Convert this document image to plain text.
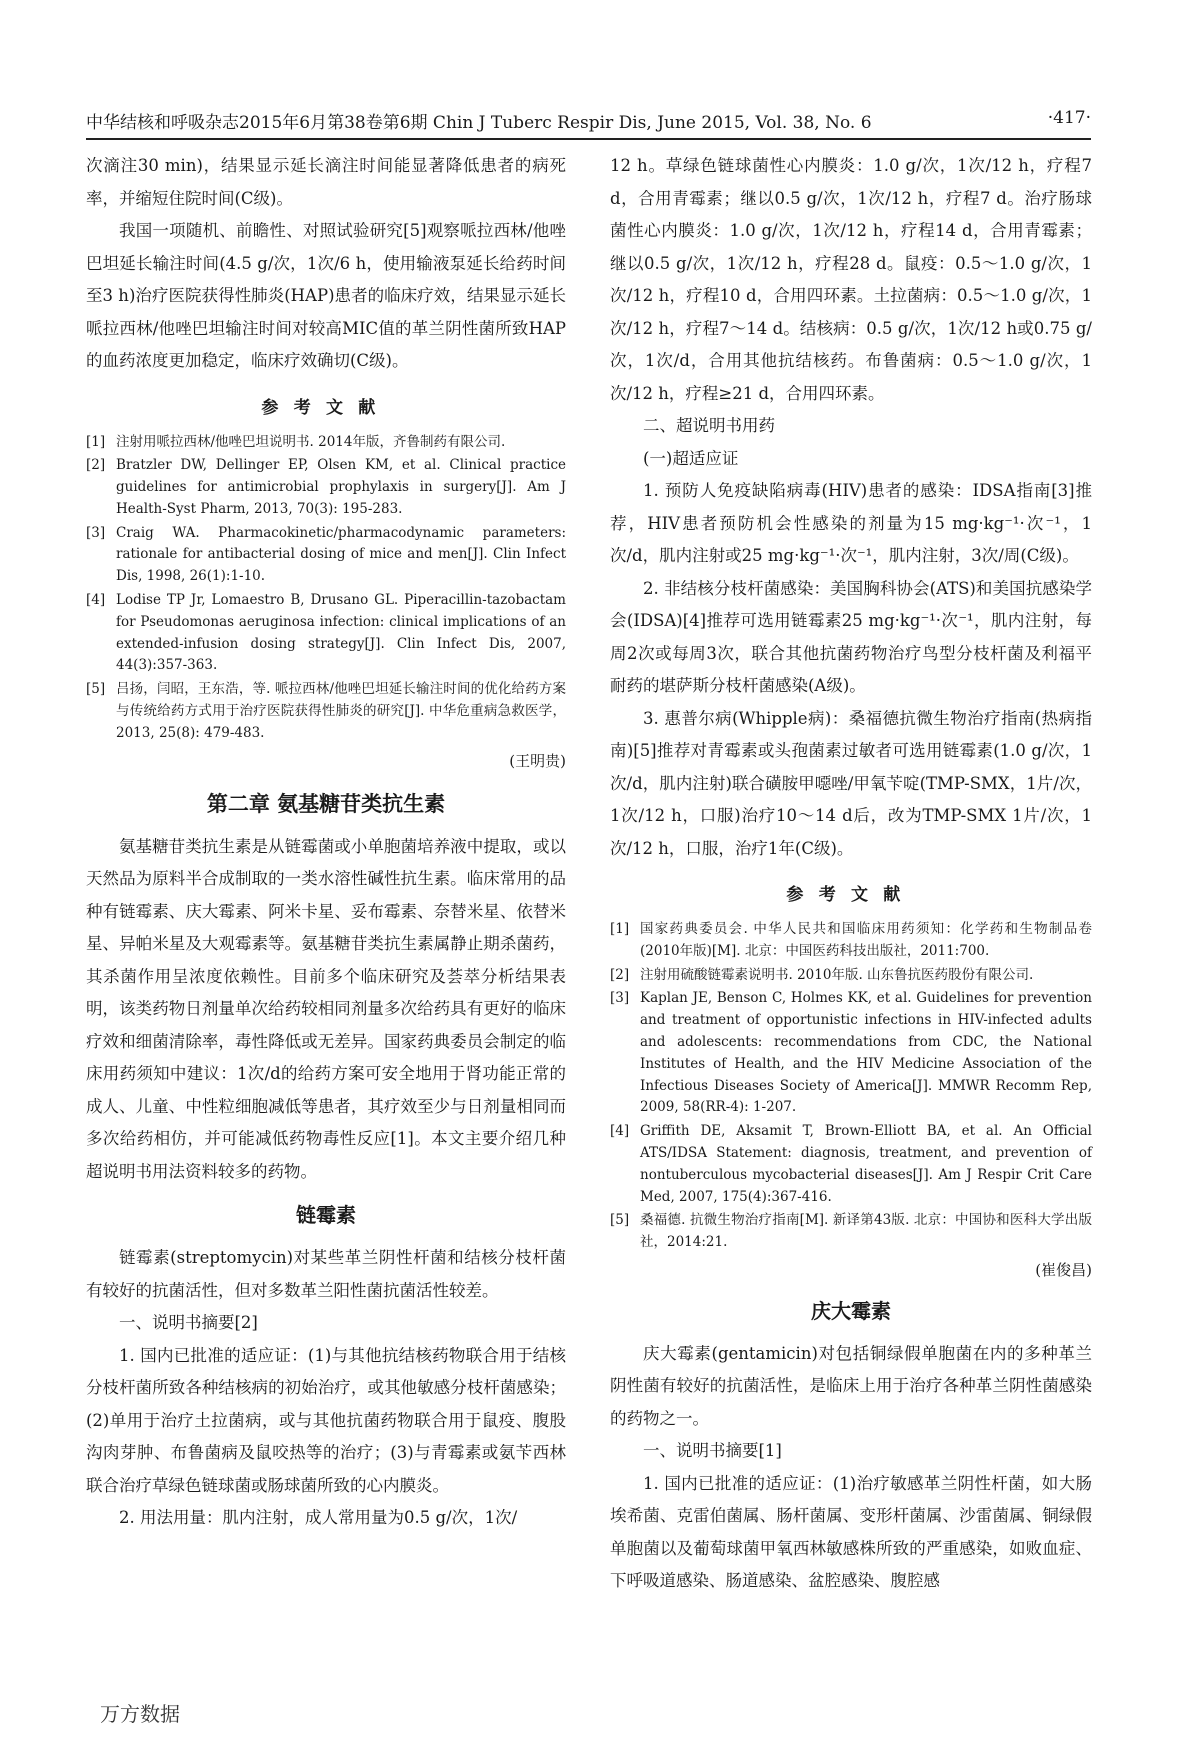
中华结核和呼吸杂志2015年6月第38卷第6期 Chin J Tuberc Respir Dis, June 2015, Vol. 38, No. 6	·417·

次滴注30 min)，结果显示延长滴注时间能显著降低患者的病死率，并缩短住院时间(C级)。

我国一项随机、前瞻性、对照试验研究[5]观察哌拉西林/他唑巴坦延长输注时间(4.5 g/次，1次/6 h，使用输液泵延长给药时间至3 h)治疗医院获得性肺炎(HAP)患者的临床疗效，结果显示延长哌拉西林/他唑巴坦输注时间对较高MIC值的革兰阴性菌所致HAP的血药浓度更加稳定，临床疗效确切(C级)。

参考文献
[1] 注射用哌拉西林/他唑巴坦说明书. 2014年版，齐鲁制药有限公司.
[2] Bratzler DW, Dellinger EP, Olsen KM, et al. Clinical practice guidelines for antimicrobial prophylaxis in surgery[J]. Am J Health-Syst Pharm, 2013, 70(3): 195-283.
[3] Craig WA. Pharmacokinetic/pharmacodynamic parameters: rationale for antibacterial dosing of mice and men[J]. Clin Infect Dis, 1998, 26(1):1-10.
[4] Lodise TP Jr, Lomaestro B, Drusano GL. Piperacillin-tazobactam for Pseudomonas aeruginosa infection: clinical implications of an extended-infusion dosing strategy[J]. Clin Infect Dis, 2007, 44(3):357-363.
[5] 吕扬，闫昭，王东浩，等. 哌拉西林/他唑巴坦延长输注时间的优化给药方案与传统给药方式用于治疗医院获得性肺炎的研究[J]. 中华危重病急救医学，2013, 25(8): 479-483.
(王明贵)
第二章 氨基糖苷类抗生素

氨基糖苷类抗生素是从链霉菌或小单胞菌培养液中提取，或以天然品为原料半合成制取的一类水溶性碱性抗生素。临床常用的品种有链霉素、庆大霉素、阿米卡星、妥布霉素、奈替米星、依替米星、异帕米星及大观霉素等。氨基糖苷类抗生素属静止期杀菌药，其杀菌作用呈浓度依赖性。目前多个临床研究及荟萃分析结果表明，该类药物日剂量单次给药较相同剂量多次给药具有更好的临床疗效和细菌清除率，毒性降低或无差异。国家药典委员会制定的临床用药须知中建议：1次/d的给药方案可安全地用于肾功能正常的成人、儿童、中性粒细胞减低等患者，其疗效至少与日剂量相同而多次给药相仿，并可能减低药物毒性反应[1]。本文主要介绍几种超说明书用法资料较多的药物。

链霉素

链霉素(streptomycin)对某些革兰阴性杆菌和结核分枝杆菌有较好的抗菌活性，但对多数革兰阳性菌抗菌活性较差。

一、说明书摘要[2]

1. 国内已批准的适应证：(1)与其他抗结核药物联合用于结核分枝杆菌所致各种结核病的初始治疗，或其他敏感分枝杆菌感染；(2)单用于治疗土拉菌病，或与其他抗菌药物联合用于鼠疫、腹股沟肉芽肿、布鲁菌病及鼠咬热等的治疗；(3)与青霉素或氨苄西林联合治疗草绿色链球菌或肠球菌所致的心内膜炎。

2. 用法用量：肌内注射，成人常用量为0.5 g/次，1次/

12 h。草绿色链球菌性心内膜炎：1.0 g/次，1次/12 h，疗程7 d，合用青霉素；继以0.5 g/次，1次/12 h，疗程7 d。治疗肠球菌性心内膜炎：1.0 g/次，1次/12 h，疗程14 d，合用青霉素；继以0.5 g/次，1次/12 h，疗程28 d。鼠疫：0.5～1.0 g/次，1次/12 h，疗程10 d，合用四环素。土拉菌病：0.5～1.0 g/次，1次/12 h，疗程7～14 d。结核病：0.5 g/次，1次/12 h或0.75 g/次，1次/d，合用其他抗结核药。布鲁菌病：0.5～1.0 g/次，1次/12 h，疗程≥21 d，合用四环素。

二、超说明书用药

(一)超适应证

1. 预防人免疫缺陷病毒(HIV)患者的感染：IDSA指南[3]推荐，HIV患者预防机会性感染的剂量为15 mg·kg⁻¹·次⁻¹，1次/d，肌内注射或25 mg·kg⁻¹·次⁻¹，肌内注射，3次/周(C级)。

2. 非结核分枝杆菌感染：美国胸科协会(ATS)和美国抗感染学会(IDSA)[4]推荐可选用链霉素25 mg·kg⁻¹·次⁻¹，肌内注射，每周2次或每周3次，联合其他抗菌药物治疗鸟型分枝杆菌及利福平耐药的堪萨斯分枝杆菌感染(A级)。

3. 惠普尔病(Whipple病)：桑福德抗微生物治疗指南(热病指南)[5]推荐对青霉素或头孢菌素过敏者可选用链霉素(1.0 g/次，1次/d，肌内注射)联合磺胺甲噁唑/甲氧苄啶(TMP-SMX，1片/次，1次/12 h，口服)治疗10～14 d后，改为TMP-SMX 1片/次，1次/12 h，口服，治疗1年(C级)。

参考文献
[1] 国家药典委员会. 中华人民共和国临床用药须知：化学药和生物制品卷(2010年版)[M]. 北京：中国医药科技出版社，2011:700.
[2] 注射用硫酸链霉素说明书. 2010年版. 山东鲁抗医药股份有限公司.
[3] Kaplan JE, Benson C, Holmes KK, et al. Guidelines for prevention and treatment of opportunistic infections in HIV-infected adults and adolescents: recommendations from CDC, the National Institutes of Health, and the HIV Medicine Association of the Infectious Diseases Society of America[J]. MMWR Recomm Rep, 2009, 58(RR-4): 1-207.
[4] Griffith DE, Aksamit T, Brown-Elliott BA, et al. An Official ATS/IDSA Statement: diagnosis, treatment, and prevention of nontuberculous mycobacterial diseases[J]. Am J Respir Crit Care Med, 2007, 175(4):367-416.
[5] 桑福德. 抗微生物治疗指南[M]. 新译第43版. 北京：中国协和医科大学出版社，2014:21.
(崔俊昌)
庆大霉素

庆大霉素(gentamicin)对包括铜绿假单胞菌在内的多种革兰阴性菌有较好的抗菌活性，是临床上用于治疗各种革兰阴性菌感染的药物之一。

一、说明书摘要[1]

1. 国内已批准的适应证：(1)治疗敏感革兰阴性杆菌，如大肠埃希菌、克雷伯菌属、肠杆菌属、变形杆菌属、沙雷菌属、铜绿假单胞菌以及葡萄球菌甲氧西林敏感株所致的严重感染，如败血症、下呼吸道感染、肠道感染、盆腔感染、腹腔感

万方数据
